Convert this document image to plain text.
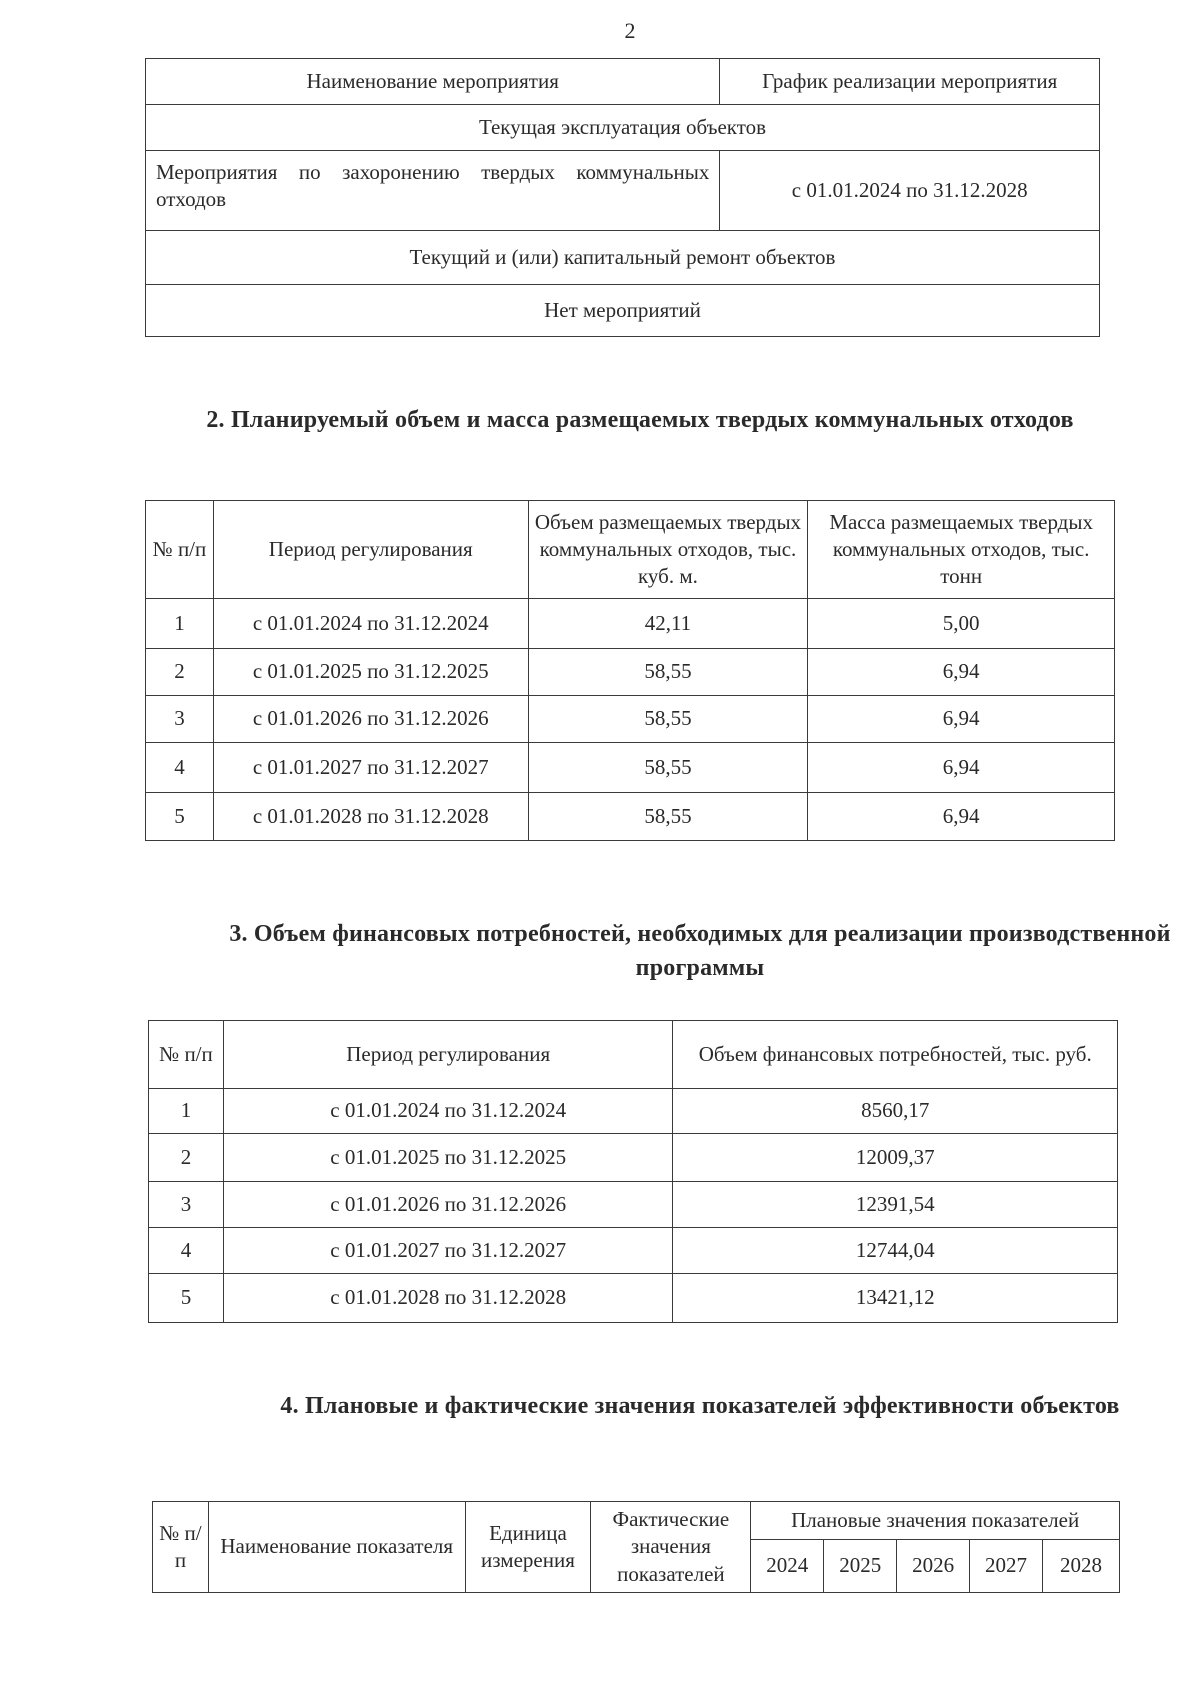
2
Наименование мероприятия	График реализации мероприятия
Текущая эксплуатация объектов	
Мероприятия по захоронению твердых коммунальных отходов	с 01.01.2024 по 31.12.2028
Текущий и (или) капитальный ремонт объектов	
Нет мероприятий	
2. Планируемый объем и масса размещаемых твердых коммунальных отходов
№ п/п	Период регулирования	Объем размещаемых твердых коммунальных отходов, тыс. куб. м.	Масса размещаемых твердых коммунальных отходов, тыс. тонн
1	с 01.01.2024 по 31.12.2024	42,11	5,00
2	с 01.01.2025 по 31.12.2025	58,55	6,94
3	с 01.01.2026 по 31.12.2026	58,55	6,94
4	с 01.01.2027 по 31.12.2027	58,55	6,94
5	с 01.01.2028 по 31.12.2028	58,55	6,94
3. Объем финансовых потребностей, необходимых для реализации производственной программы
№ п/п	Период регулирования	Объем финансовых потребностей, тыс. руб.
1	с 01.01.2024 по 31.12.2024	8560,17
2	с 01.01.2025 по 31.12.2025	12009,37
3	с 01.01.2026 по 31.12.2026	12391,54
4	с 01.01.2027 по 31.12.2027	12744,04
5	с 01.01.2028 по 31.12.2028	13421,12
4. Плановые и фактические значения показателей эффективности объектов
№ п/п	Наименование показателя	Единица измерения	Фактические значения показателей	Плановые значения показателей				
				2024	2025	2026	2027	2028
